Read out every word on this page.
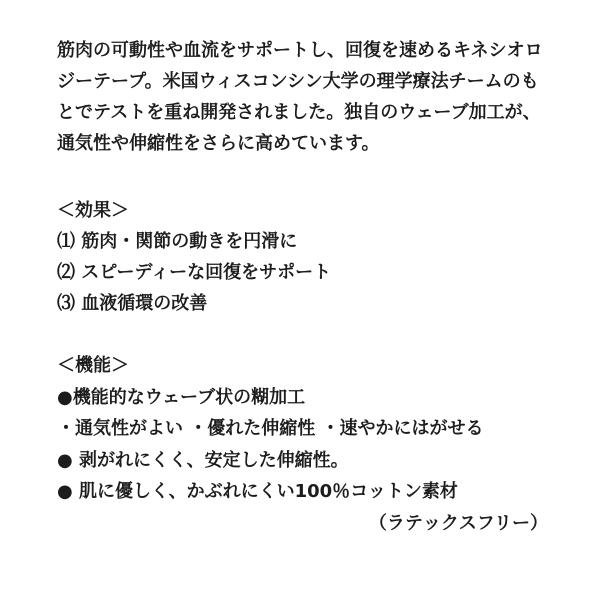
筋肉の可動性や血流をサポートし、回復を速めるキネシオロ
ジーテープ。米国ウィスコンシン大学の理学療法チームのも
とでテストを重ね開発されました。独自のウェーブ加工が、
通気性や伸縮性をさらに高めています。
＜効果＞
⑴ 筋肉・関節の動きを円滑に
⑵ スピーディーな回復をサポート
⑶ 血液循環の改善
＜機能＞
●機能的なウェーブ状の糊加工
・通気性がよい ・優れた伸縮性 ・速やかにはがせる
● 剥がれにくく、安定した伸縮性。
● 肌に優しく、かぶれにくい100％コットン素材
（ラテックスフリー）
